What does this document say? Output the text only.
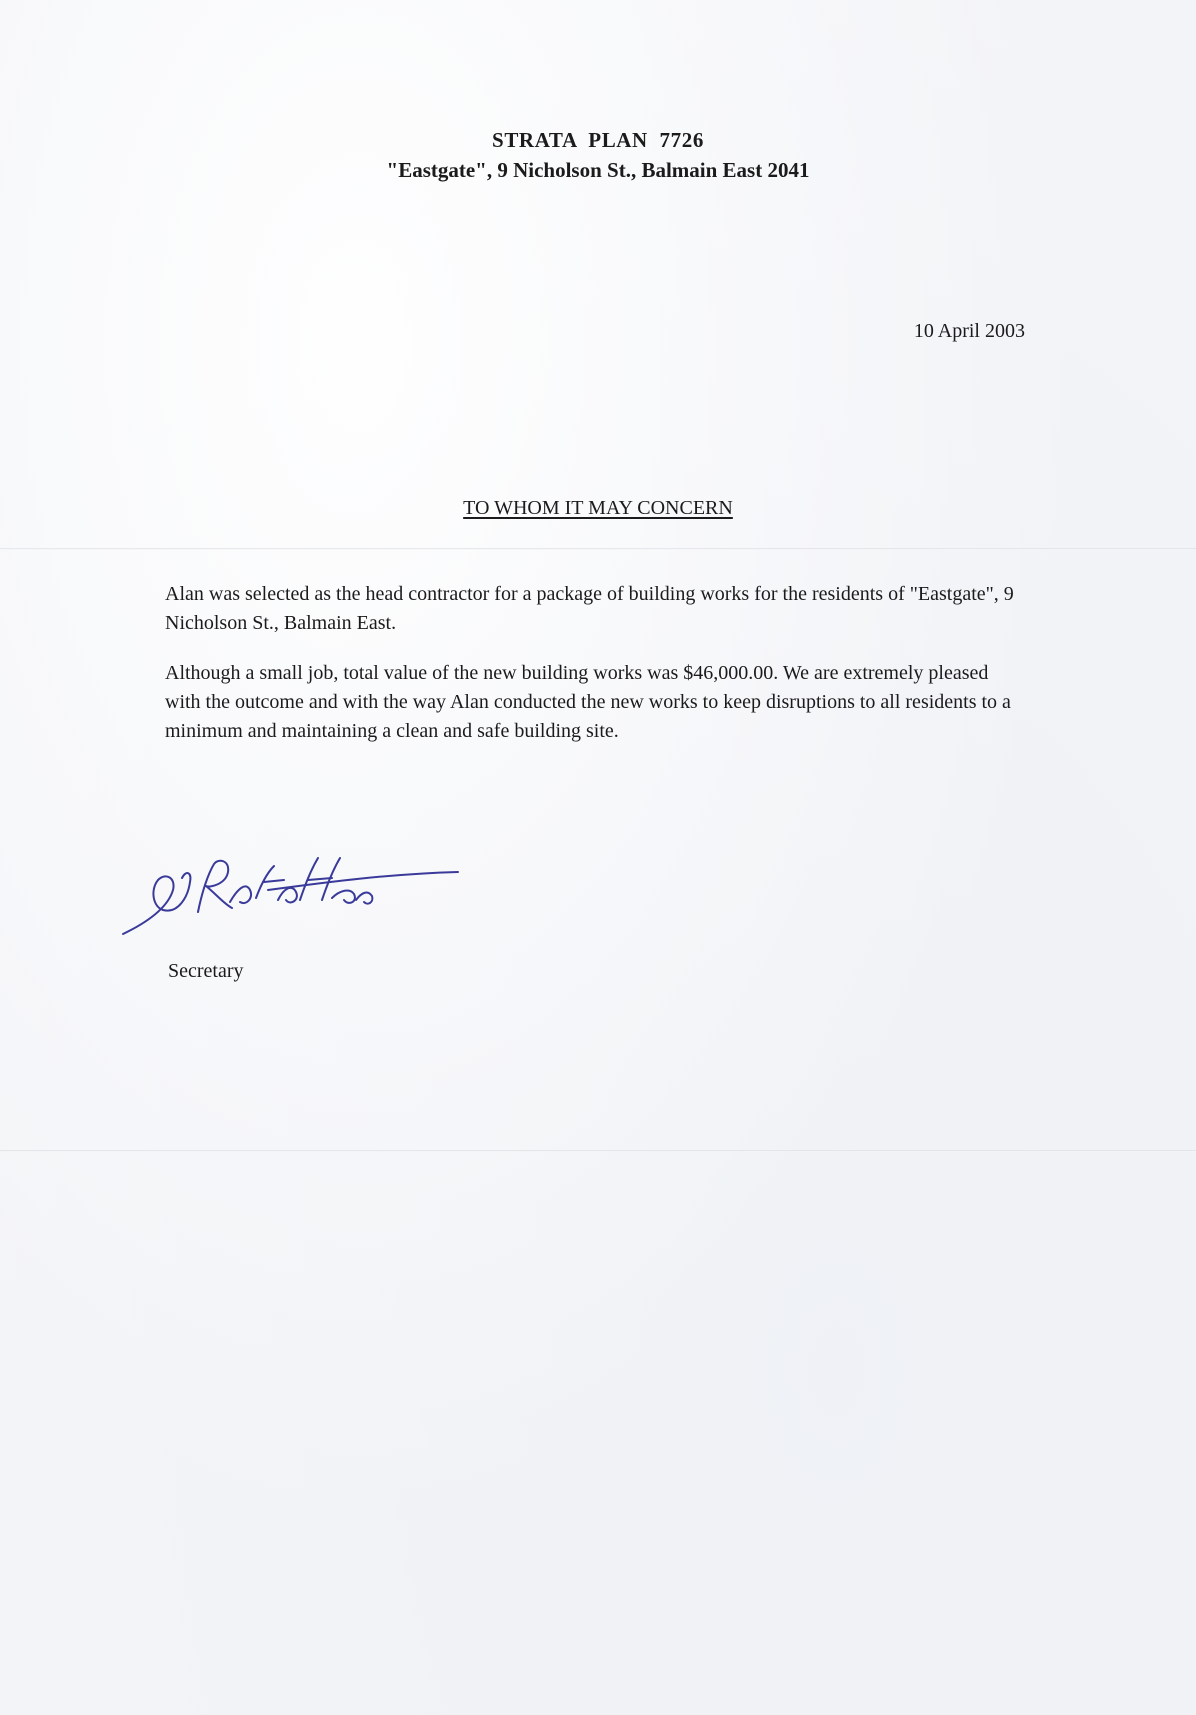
STRATA  PLAN  7726
"Eastgate", 9 Nicholson St., Balmain East 2041
10 April 2003
TO WHOM IT MAY CONCERN

Alan was selected as the head contractor for a package of building works for the residents of "Eastgate", 9 Nicholson St., Balmain East.

Although a small job, total value of the new building works was $46,000.00. We are extremely pleased with the outcome and with the way Alan conducted the new works to keep disruptions to all residents to a minimum and maintaining a clean and safe building site.

Secretary
